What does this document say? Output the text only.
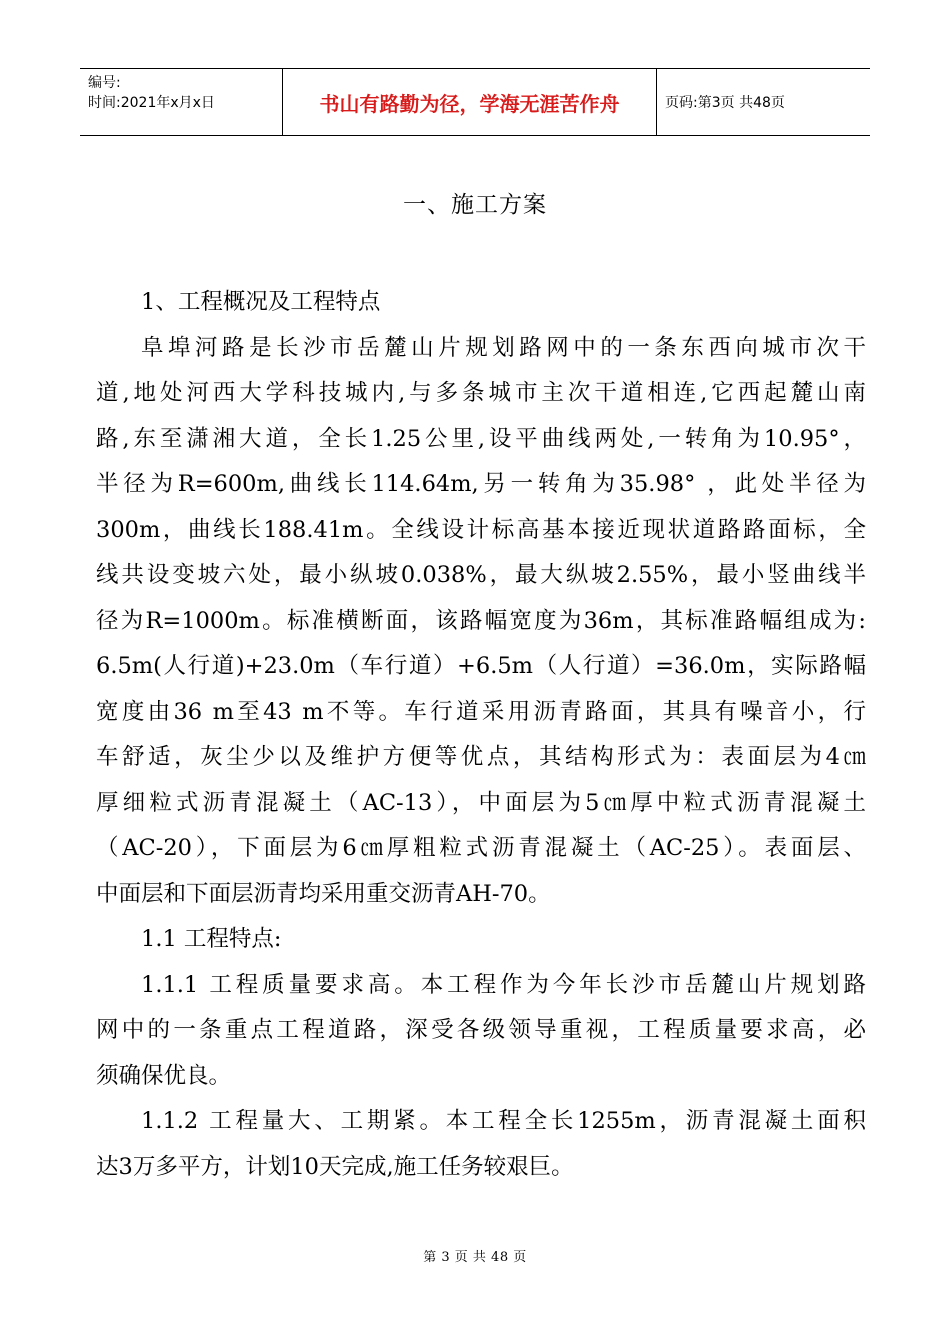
编号:
时间:2021年x月x日	书山有路勤为径，学海无涯苦作舟	页码:第3页 共48页
一、施工方案
1、工程概况及工程特点
阜埠河路是长沙市岳麓山片规划路网中的一条东西向城市次干
道,地处河西大学科技城内,与多条城市主次干道相连,它西起麓山南
路,东至潇湘大道，全长1.25公里,设平曲线两处,一转角为10.95°，
半径为R=600m,曲线长114.64m,另一转角为35.98° ，此处半径为
300m，曲线长188.41m。全线设计标高基本接近现状道路路面标，全
线共设变坡六处，最小纵坡0.038%，最大纵坡2.55%，最小竖曲线半
径为R=1000m。标准横断面，该路幅宽度为36m，其标准路幅组成为:
6.5m(人行道)+23.0m（车行道）+6.5m（人行道）=36.0m，实际路幅
宽度由36 m至43 m不等。车行道采用沥青路面，其具有噪音小，行
车舒适，灰尘少以及维护方便等优点，其结构形式为：表面层为4㎝
厚细粒式沥青混凝土（AC-13），中面层为5㎝厚中粒式沥青混凝土
（AC-20），下面层为6㎝厚粗粒式沥青混凝土（AC-25）。表面层、
中面层和下面层沥青均采用重交沥青AH-70。
1.1 工程特点:
1.1.1 工程质量要求高。本工程作为今年长沙市岳麓山片规划路
网中的一条重点工程道路，深受各级领导重视，工程质量要求高，必
须确保优良。
1.1.2 工程量大、工期紧。本工程全长1255m，沥青混凝土面积
达3万多平方，计划10天完成,施工任务较艰巨。
第 3 页 共 48 页
